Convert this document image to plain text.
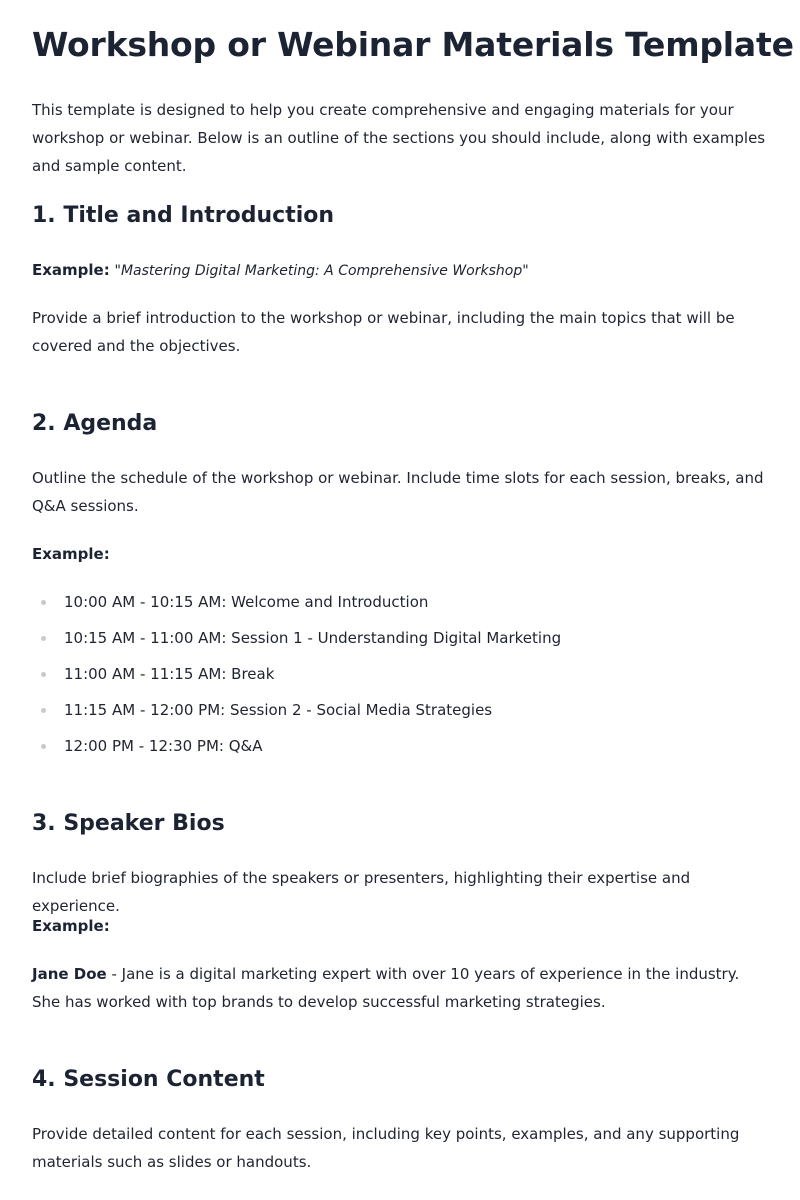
Workshop or Webinar Materials Template

This template is designed to help you create comprehensive and engaging materials for your workshop or webinar. Below is an outline of the sections you should include, along with examples and sample content.

1. Title and Introduction

Example: "Mastering Digital Marketing: A Comprehensive Workshop"

Provide a brief introduction to the workshop or webinar, including the main topics that will be covered and the objectives.

2. Agenda

Outline the schedule of the workshop or webinar. Include time slots for each session, breaks, and Q&A sessions.

Example:

10:00 AM - 10:15 AM: Welcome and Introduction
10:15 AM - 11:00 AM: Session 1 - Understanding Digital Marketing
11:00 AM - 11:15 AM: Break
11:15 AM - 12:00 PM: Session 2 - Social Media Strategies
12:00 PM - 12:30 PM: Q&A
3. Speaker Bios

Include brief biographies of the speakers or presenters, highlighting their expertise and experience.

Example:

Jane Doe - Jane is a digital marketing expert with over 10 years of experience in the industry. She has worked with top brands to develop successful marketing strategies.

4. Session Content

Provide detailed content for each session, including key points, examples, and any supporting materials such as slides or handouts.
